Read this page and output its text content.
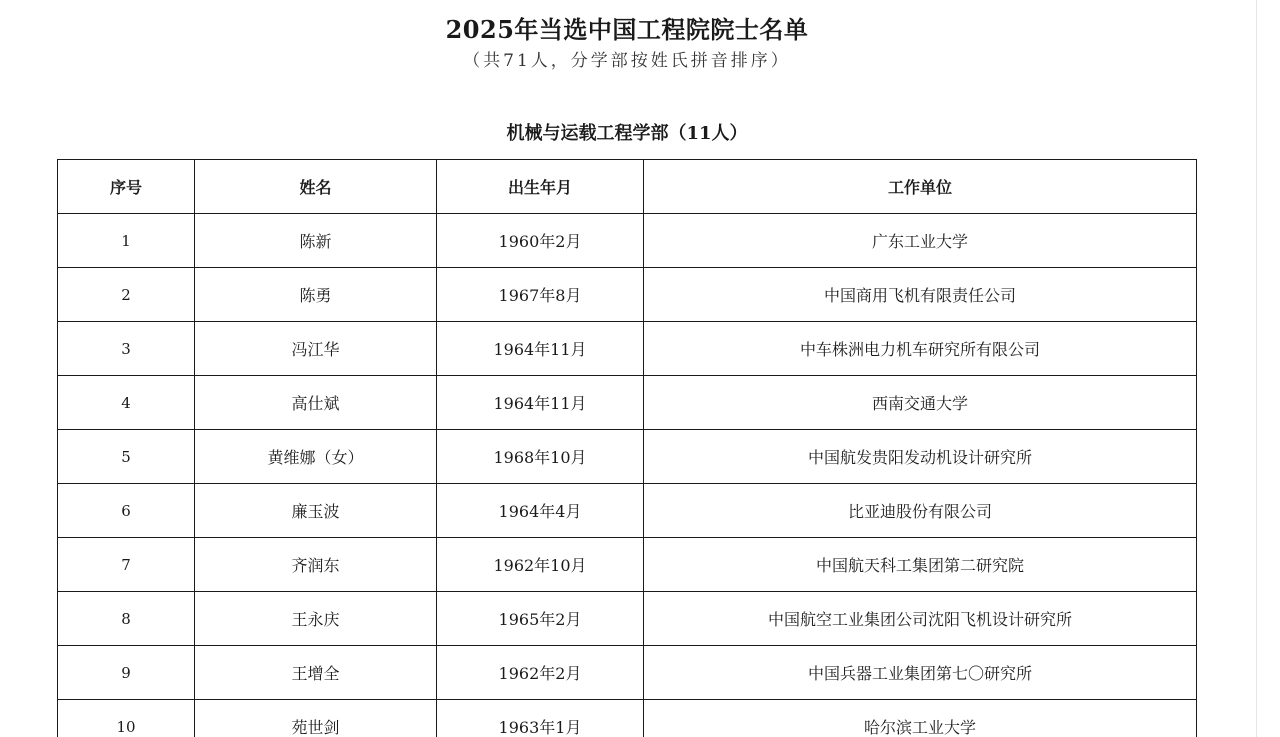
2025年当选中国工程院院士名单
（共71人，分学部按姓氏拼音排序）
机械与运载工程学部（11人）
序号	姓名	出生年月	工作单位
1	陈新	1960年2月	广东工业大学
2	陈勇	1967年8月	中国商用飞机有限责任公司
3	冯江华	1964年11月	中车株洲电力机车研究所有限公司
4	高仕斌	1964年11月	西南交通大学
5	黄维娜（女）	1968年10月	中国航发贵阳发动机设计研究所
6	廉玉波	1964年4月	比亚迪股份有限公司
7	齐润东	1962年10月	中国航天科工集团第二研究院
8	王永庆	1965年2月	中国航空工业集团公司沈阳飞机设计研究所
9	王增全	1962年2月	中国兵器工业集团第七〇研究所
10	苑世剑	1963年1月	哈尔滨工业大学
